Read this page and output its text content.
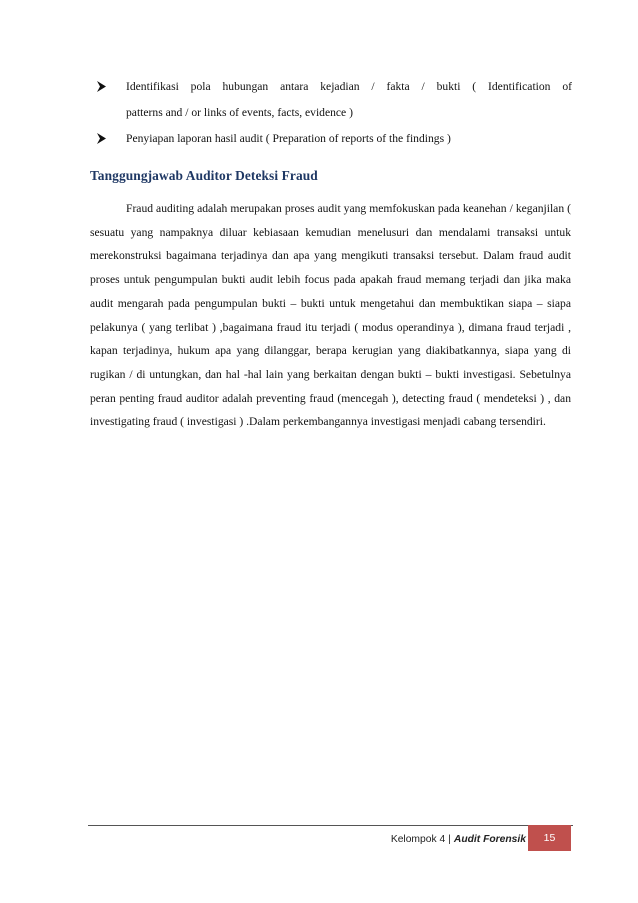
Identifikasi pola hubungan antara kejadian / fakta / bukti ( Identification of
patterns and / or links of events, facts, evidence )
Penyiapan laporan hasil audit ( Preparation of reports of the findings )
Tanggungjawab Auditor Deteksi Fraud

Fraud auditing adalah merupakan proses audit yang memfokuskan pada keanehan / keganjilan ( sesuatu yang nampaknya diluar kebiasaan kemudian menelusuri dan mendalami transaksi untuk merekonstruksi bagaimana terjadinya dan apa yang mengikuti transaksi tersebut. Dalam fraud audit proses untuk pengumpulan bukti audit lebih focus pada apakah fraud memang terjadi dan jika maka audit mengarah pada pengumpulan bukti – bukti untuk mengetahui dan membuktikan siapa – siapa pelakunya ( yang terlibat ) ,bagaimana fraud itu terjadi ( modus operandinya ), dimana fraud terjadi , kapan terjadinya, hukum apa yang dilanggar, berapa kerugian yang diakibatkannya, siapa yang di rugikan / di untungkan, dan hal -hal lain yang berkaitan dengan bukti – bukti investigasi. Sebetulnya peran penting fraud auditor adalah preventing fraud (mencegah ), detecting fraud ( mendeteksi ) , dan investigating fraud ( investigasi ) .Dalam perkembangannya investigasi menjadi cabang tersendiri.

Kelompok 4 | Audit Forensik 15
